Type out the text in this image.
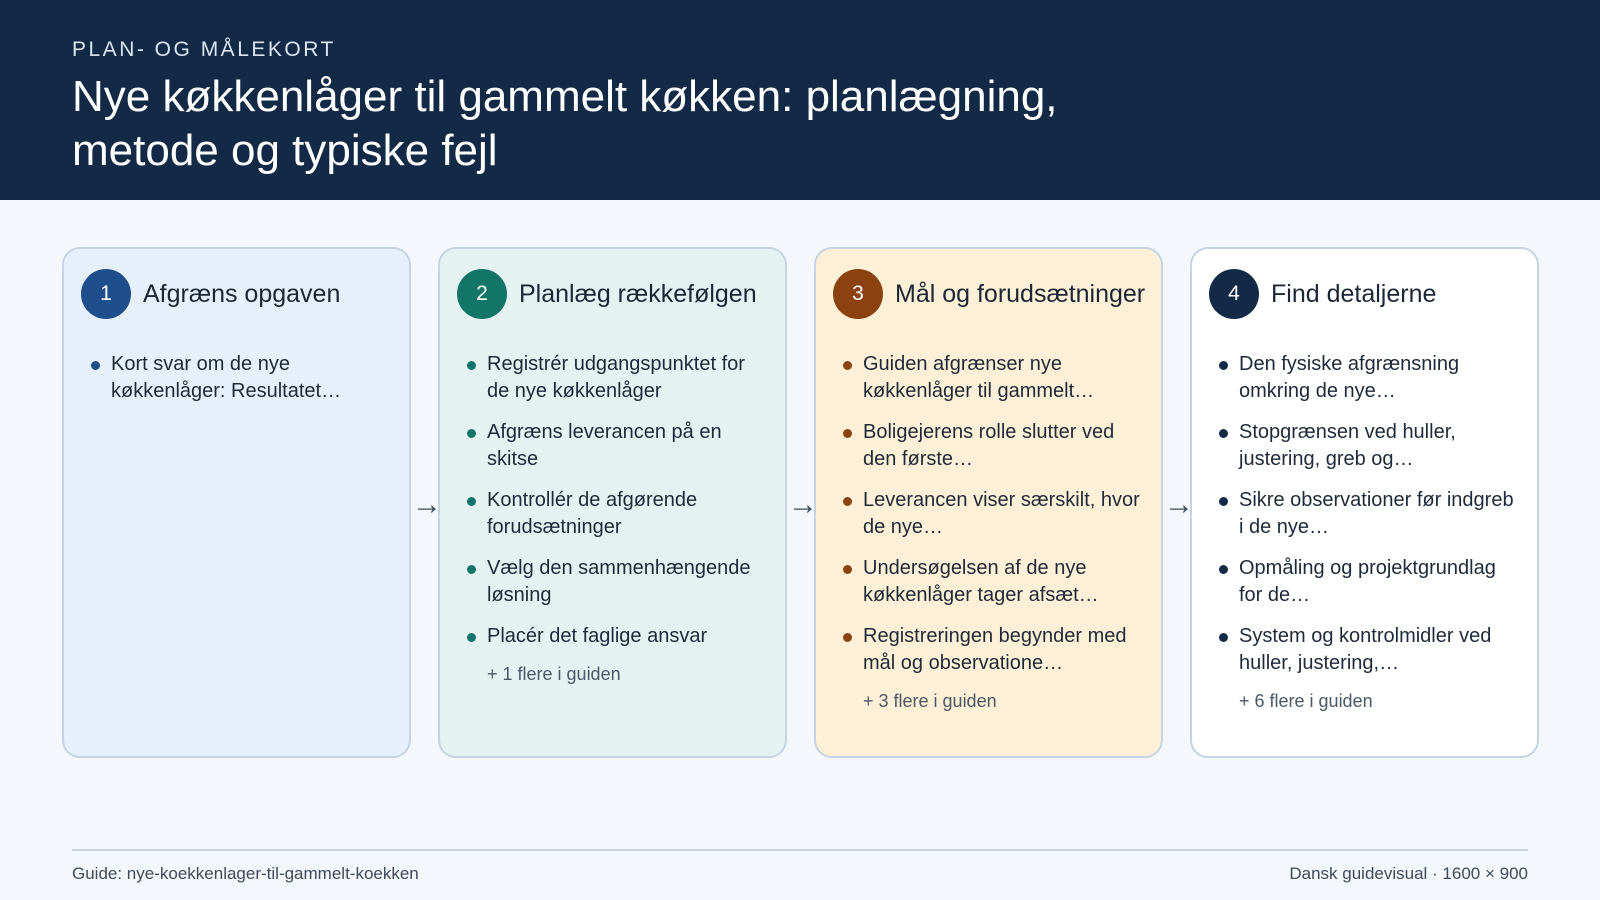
PLAN- OG MÅLEKORT
Nye køkkenlåger til gammelt køkken: planlægning, metode og typiske fejl
1	Afgræns opgaven
Kort svar om de nye køkkenlåger: Resultatet…
2	Planlæg rækkefølgen
Registrér udgangspunktet for de nye køkkenlåger
Afgræns leverancen på en skitse
Kontrollér de afgørende forudsætninger
Vælg den sammenhængende løsning
Placér det faglige ansvar
+ 1 flere i guiden
3	Mål og forudsætninger
Guiden afgrænser nye køkkenlåger til gammelt…
Boligejerens rolle slutter ved den første…
Leverancen viser særskilt, hvor de nye…
Undersøgelsen af de nye køkkenlåger tager afsæt…
Registreringen begynder med mål og observatione…
+ 3 flere i guiden
4	Find detaljerne
Den fysiske afgrænsning omkring de nye…
Stopgrænsen ved huller, justering, greb og…
Sikre observationer før indgreb i de nye…
Opmåling og projektgrundlag for de…
System og kontrolmidler ved huller, justering,…
+ 6 flere i guiden
→	→	→
Guide: nye-koekkenlager-til-gammelt-koekken	Dansk guidevisual · 1600 × 900
